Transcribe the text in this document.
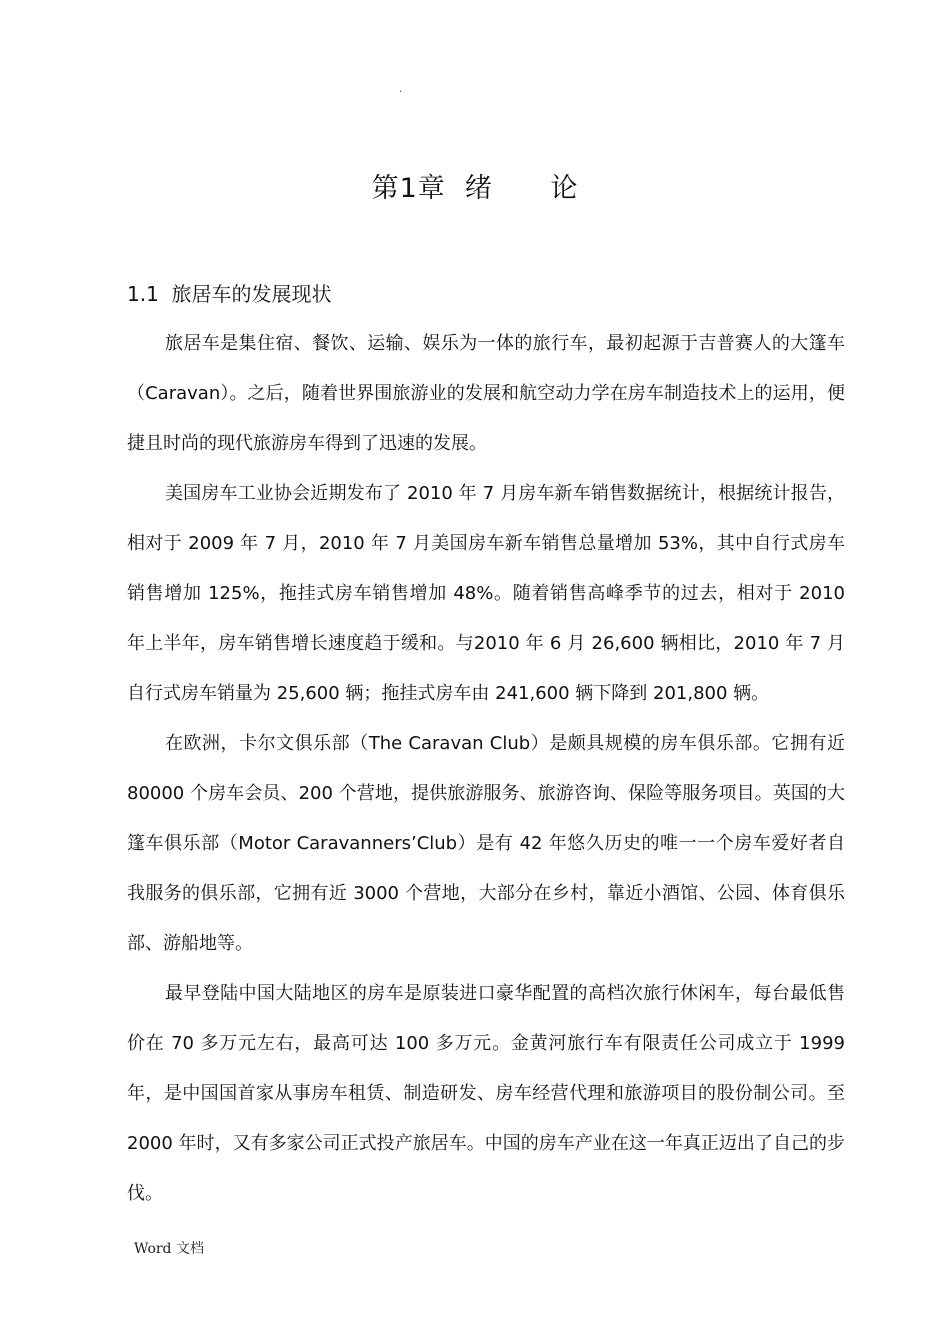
.
第1章  绪      论
1.1  旅居车的发展现状

旅居车是集住宿、餐饮、运输、娱乐为一体的旅行车，最初起源于吉普赛人的大篷车（Caravan）。之后，随着世界围旅游业的发展和航空动力学在房车制造技术上的运用，便捷且时尚的现代旅游房车得到了迅速的发展。

美国房车工业协会近期发布了 2010 年 7 月房车新车销售数据统计，根据统计报告，相对于 2009 年 7 月，2010 年 7 月美国房车新车销售总量增加 53%，其中自行式房车销售增加 125%，拖挂式房车销售增加 48%。随着销售高峰季节的过去，相对于 2010 年上半年，房车销售增长速度趋于缓和。与2010 年 6 月 26,600 辆相比，2010 年 7 月自行式房车销量为 25,600 辆；拖挂式房车由 241,600 辆下降到 201,800 辆。

在欧洲，卡尔文俱乐部（The Caravan Club）是颇具规模的房车俱乐部。它拥有近 80000 个房车会员、200 个营地，提供旅游服务、旅游咨询、保险等服务项目。英国的大篷车俱乐部（Motor Caravanners’Club）是有 42 年悠久历史的唯一一个房车爱好者自我服务的俱乐部，它拥有近 3000 个营地，大部分在乡村，靠近小酒馆、公园、体育俱乐部、游船地等。

最早登陆中国大陆地区的房车是原装进口豪华配置的高档次旅行休闲车，每台最低售价在 70 多万元左右，最高可达 100 多万元。金黄河旅行车有限责任公司成立于 1999 年，是中国国首家从事房车租赁、制造研发、房车经营代理和旅游项目的股份制公司。至 2000 年时，又有多家公司正式投产旅居车。中国的房车产业在这一年真正迈出了自己的步伐。

Word 文档
